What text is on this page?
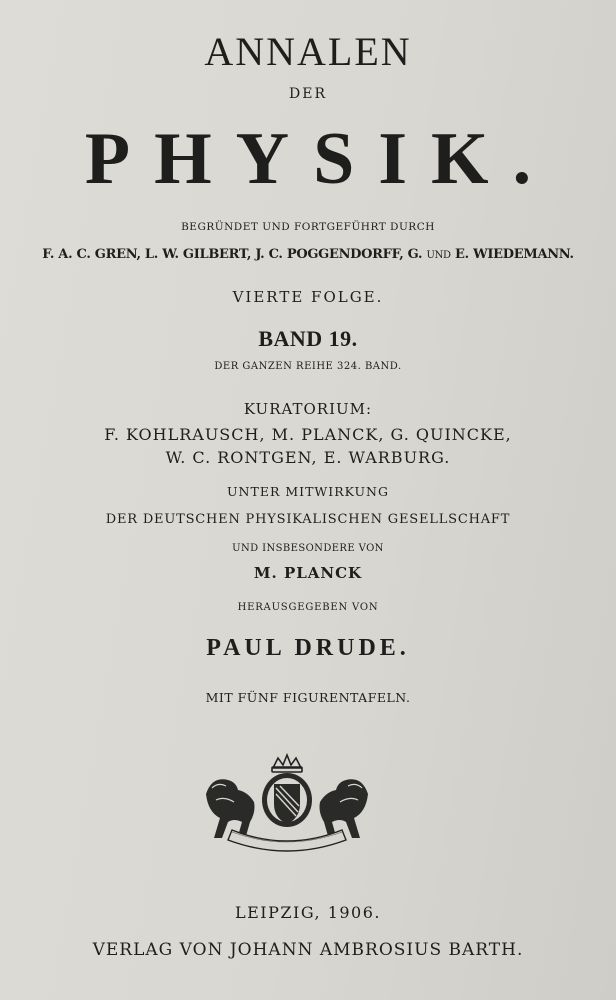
ANNALEN
DER
PHYSIK.
BEGRÜNDET UND FORTGEFÜHRT DURCH
F. A. C. GREN, L. W. GILBERT, J. C. POGGENDORFF, G. UND E. WIEDEMANN.
VIERTE FOLGE.
BAND 19.
DER GANZEN REIHE 324. BAND.
KURATORIUM:
F. KOHLRAUSCH, M. PLANCK, G. QUINCKE,
W. C. RONTGEN, E. WARBURG.
UNTER MITWIRKUNG
DER DEUTSCHEN PHYSIKALISCHEN GESELLSCHAFT
UND INSBESONDERE VON
M. PLANCK
HERAUSGEGEBEN VON
PAUL DRUDE.
MIT FÜNF FIGURENTAFELN.
LEIPZIG, 1906.
VERLAG VON JOHANN AMBROSIUS BARTH.
